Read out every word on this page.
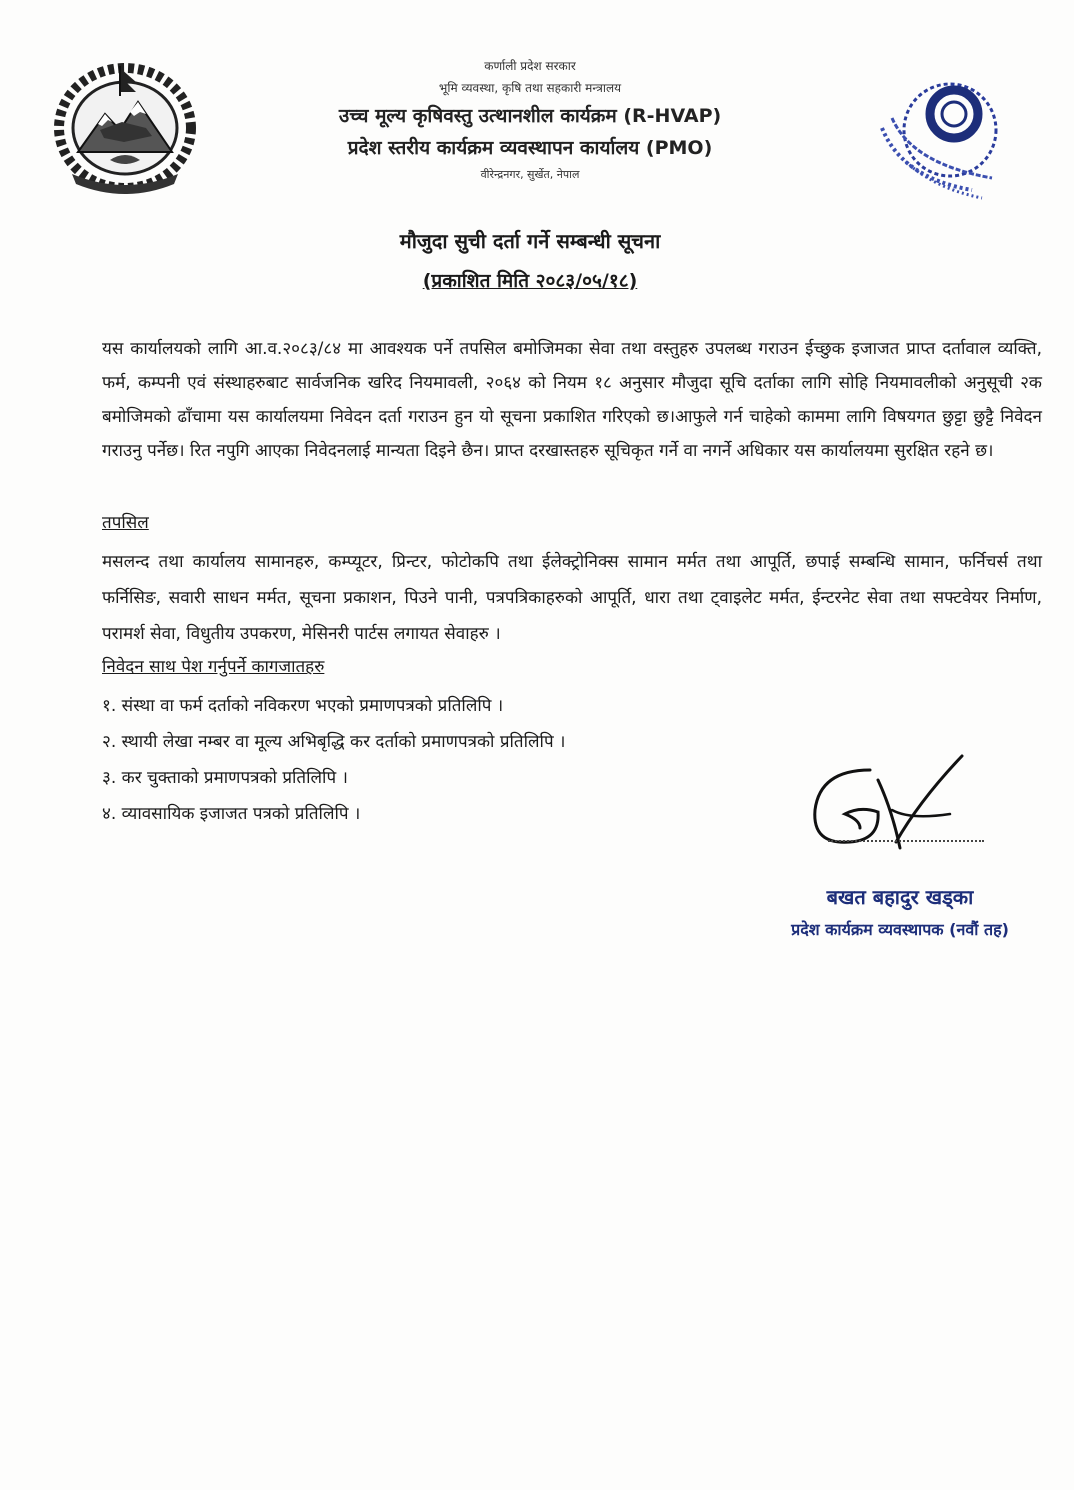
कर्णाली प्रदेश सरकार
भूमि व्यवस्था, कृषि तथा सहकारी मन्त्रालय
उच्च मूल्य कृषिवस्तु उत्थानशील कार्यक्रम (R-HVAP)
प्रदेश स्तरीय कार्यक्रम व्यवस्थापन कार्यालय (PMO)
वीरेन्द्रनगर, सुर्खेत, नेपाल
मौजुदा सुची दर्ता गर्ने सम्बन्धी सूचना
(प्रकाशित मिति २०८३/०५/१८)
यस कार्यालयको लागि आ.व.२०८३/८४ मा आवश्यक पर्ने तपसिल बमोजिमका सेवा तथा वस्तुहरु उपलब्ध गराउन ईच्छुक इजाजत प्राप्त दर्तावाल व्यक्ति, फर्म, कम्पनी एवं संस्थाहरुबाट सार्वजनिक खरिद नियमावली, २०६४ को नियम १८ अनुसार मौजुदा सूचि दर्ताका लागि सोहि नियमावलीको अनुसूची २क बमोजिमको ढाँचामा यस कार्यालयमा निवेदन दर्ता गराउन हुन यो सूचना प्रकाशित गरिएको छ।आफुले गर्न चाहेको काममा लागि विषयगत छुट्टा छुट्टै निवेदन गराउनु पर्नेछ। रित नपुगि आएका निवेदनलाई मान्यता दिइने छैन। प्राप्त दरखास्तहरु सूचिकृत गर्ने वा नगर्ने अधिकार यस कार्यालयमा सुरक्षित रहने छ।
तपसिल
मसलन्द तथा कार्यालय सामानहरु, कम्प्यूटर, प्रिन्टर, फोटोकपि तथा ईलेक्ट्रोनिक्स सामान मर्मत तथा आपूर्ति, छपाई सम्बन्धि सामान, फर्निचर्स तथा फर्निसिङ, सवारी साधन मर्मत, सूचना प्रकाशन, पिउने पानी, पत्रपत्रिकाहरुको आपूर्ति, धारा तथा ट्वाइलेट मर्मत, ईन्टरनेट सेवा तथा सफ्टवेयर निर्माण, परामर्श सेवा, विधुतीय उपकरण, मेसिनरी पार्टस लगायत सेवाहरु ।
निवेदन साथ पेश गर्नुपर्ने कागजातहरु
१. संस्था वा फर्म दर्ताको नविकरण भएको प्रमाणपत्रको प्रतिलिपि ।
२. स्थायी लेखा नम्बर वा मूल्य अभिबृद्धि कर दर्ताको प्रमाणपत्रको प्रतिलिपि ।
३. कर चुक्ताको प्रमाणपत्रको प्रतिलिपि ।
४. व्यावसायिक इजाजत पत्रको प्रतिलिपि ।
बखत बहादुर खड्का
प्रदेश कार्यक्रम व्यवस्थापक (नवौं तह)
